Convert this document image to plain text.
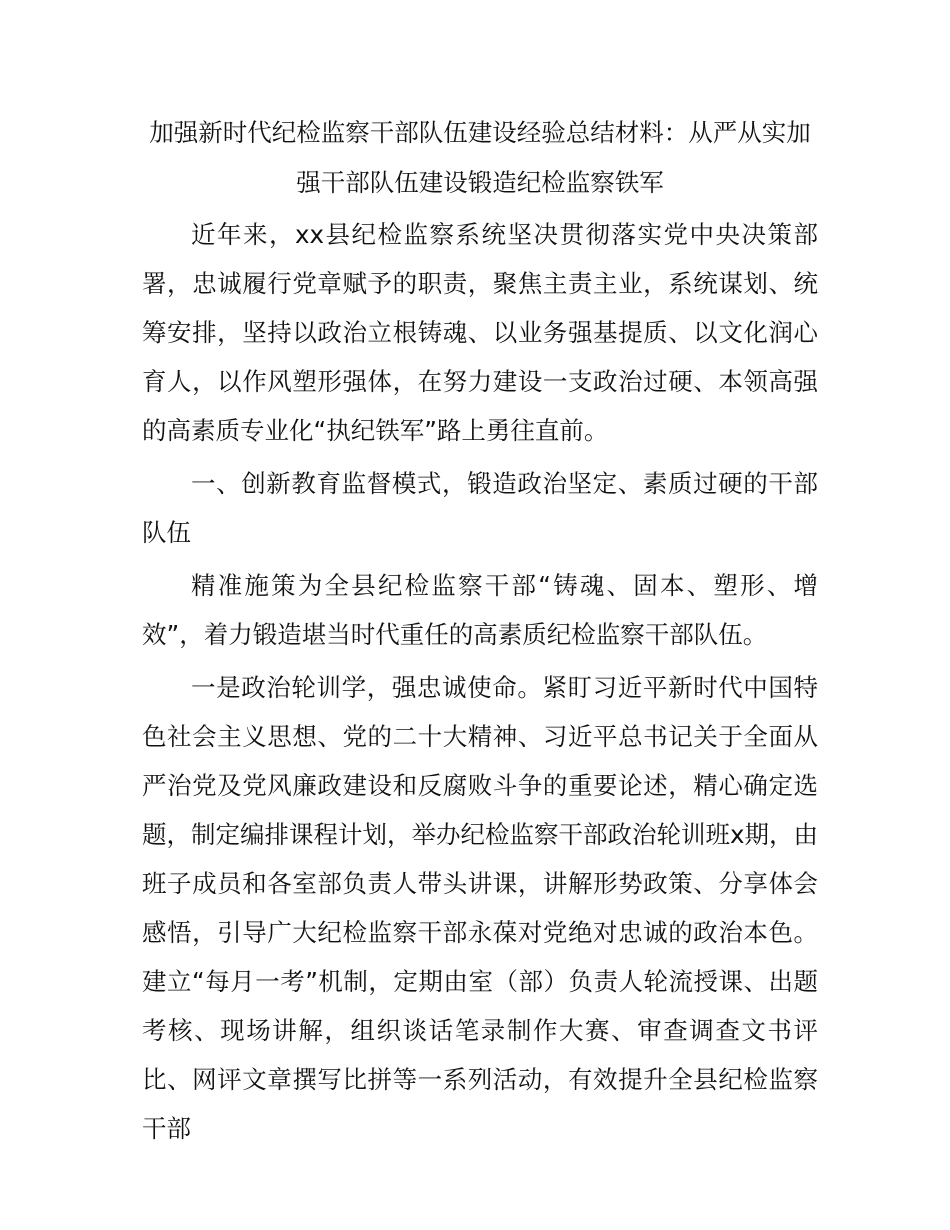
加强新时代纪检监察干部队伍建设经验总结材料：从严从实加强干部队伍建设锻造纪检监察铁军

近年来，xx县纪检监察系统坚决贯彻落实党中央决策部署，忠诚履行党章赋予的职责，聚焦主责主业，系统谋划、统筹安排，坚持以政治立根铸魂、以业务强基提质、以文化润心育人，以作风塑形强体，在努力建设一支政治过硬、本领高强的高素质专业化“执纪铁军”路上勇往直前。

一、创新教育监督模式，锻造政治坚定、素质过硬的干部队伍

精准施策为全县纪检监察干部“铸魂、固本、塑形、增效”，着力锻造堪当时代重任的高素质纪检监察干部队伍。

一是政治轮训学，强忠诚使命。紧盯习近平新时代中国特色社会主义思想、党的二十大精神、习近平总书记关于全面从严治党及党风廉政建设和反腐败斗争的重要论述，精心确定选题，制定编排课程计划，举办纪检监察干部政治轮训班x期，由班子成员和各室部负责人带头讲课，讲解形势政策、分享体会感悟，引导广大纪检监察干部永葆对党绝对忠诚的政治本色。建立“每月一考”机制，定期由室（部）负责人轮流授课、出题考核、现场讲解，组织谈话笔录制作大赛、审查调查文书评比、网评文章撰写比拼等一系列活动，有效提升全县纪检监察干部
